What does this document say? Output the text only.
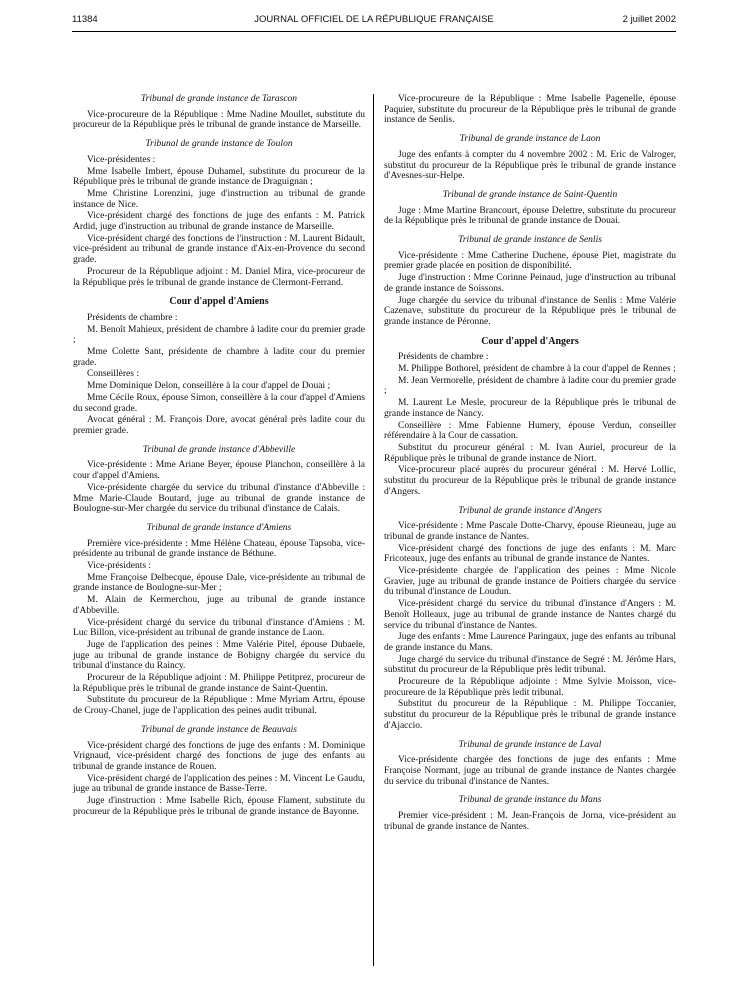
11384	JOURNAL OFFICIEL DE LA RÉPUBLIQUE FRANÇAISE	2 juillet 2002
Tribunal de grande instance de Tarascon

Vice-procureure de la République : Mme Nadine Moullet, substitute du procureur de la République près le tribunal de grande instance de Marseille.

Tribunal de grande instance de Toulon

Vice-présidentes :

Mme Isabelle Imbert, épouse Duhamel, substitute du procureur de la République près le tribunal de grande instance de Draguignan ;

Mme Christine Lorenzini, juge d'instruction au tribunal de grande instance de Nice.

Vice-président chargé des fonctions de juge des enfants : M. Patrick Ardid, juge d'instruction au tribunal de grande instance de Marseille.

Vice-président chargé des fonctions de l'instruction : M. Laurent Bidault, vice-président au tribunal de grande instance d'Aix-en-Provence du second grade.

Procureur de la République adjoint : M. Daniel Mira, vice-procureur de la République près le tribunal de grande instance de Clermont-Ferrand.

Cour d'appel d'Amiens

Présidents de chambre :

M. Benoît Mahieux, président de chambre à ladite cour du premier grade ;

Mme Colette Sant, présidente de chambre à ladite cour du premier grade.

Conseillères :

Mme Dominique Delon, conseillère à la cour d'appel de Douai ;

Mme Cécile Roux, épouse Simon, conseillère à la cour d'appel d'Amiens du second grade.

Avocat général : M. François Dore, avocat général près ladite cour du premier grade.

Tribunal de grande instance d'Abbeville

Vice-présidente : Mme Ariane Beyer, épouse Planchon, conseillère à la cour d'appel d'Amiens.

Vice-présidente chargée du service du tribunal d'instance d'Abbeville : Mme Marie-Claude Boutard, juge au tribunal de grande instance de Boulogne-sur-Mer chargée du service du tribunal d'instance de Calais.

Tribunal de grande instance d'Amiens

Première vice-présidente : Mme Hélène Chateau, épouse Tapsoba, vice-présidente au tribunal de grande instance de Béthune.

Vice-présidents :

Mme Françoise Delbecque, épouse Dale, vice-présidente au tribunal de grande instance de Boulogne-sur-Mer ;

M. Alain de Kermerchou, juge au tribunal de grande instance d'Abbeville.

Vice-président chargé du service du tribunal d'instance d'Amiens : M. Luc Billon, vice-président au tribunal de grande instance de Laon.

Juge de l'application des peines : Mme Valérie Pitel, épouse Dubaele, juge au tribunal de grande instance de Bobigny chargée du service du tribunal d'instance du Raincy.

Procureur de la République adjoint : M. Philippe Petitprez, procureur de la République près le tribunal de grande instance de Saint-Quentin.

Substitute du procureur de la République : Mme Myriam Artru, épouse de Crouy-Chanel, juge de l'application des peines audit tribunal.

Tribunal de grande instance de Beauvais

Vice-président chargé des fonctions de juge des enfants : M. Dominique Vrignaud, vice-président chargé des fonctions de juge des enfants au tribunal de grande instance de Rouen.

Vice-président chargé de l'application des peines : M. Vincent Le Gaudu, juge au tribunal de grande instance de Basse-Terre.

Juge d'instruction : Mme Isabelle Rich, épouse Flament, substitute du procureur de la République près le tribunal de grande instance de Bayonne.

Vice-procureure de la République : Mme Isabelle Pagenelle, épouse Paquier, substitute du procureur de la République près le tribunal de grande instance de Senlis.

Tribunal de grande instance de Laon

Juge des enfants à compter du 4 novembre 2002 : M. Eric de Valroger, substitut du procureur de la République près le tribunal de grande instance d'Avesnes-sur-Helpe.

Tribunal de grande instance de Saint-Quentin

Juge : Mme Martine Brancourt, épouse Delettre, substitute du procureur de la République près le tribunal de grande instance de Douai.

Tribunal de grande instance de Senlis

Vice-présidente : Mme Catherine Duchene, épouse Piet, magistrate du premier grade placée en position de disponibilité.

Juge d'instruction : Mme Corinne Peinaud, juge d'instruction au tribunal de grande instance de Soissons.

Juge chargée du service du tribunal d'instance de Senlis : Mme Valérie Cazenave, substitute du procureur de la République près le tribunal de grande instance de Péronne.

Cour d'appel d'Angers

Présidents de chambre :

M. Philippe Bothorel, président de chambre à la cour d'appel de Rennes ;

M. Jean Vermorelle, président de chambre à ladite cour du premier grade ;

M. Laurent Le Mesle, procureur de la République près le tribunal de grande instance de Nancy.

Conseillère : Mme Fabienne Humery, épouse Verdun, conseiller référendaire à la Cour de cassation.

Substitut du procureur général : M. Ivan Auriel, procureur de la République près le tribunal de grande instance de Niort.

Vice-procureur placé auprès du procureur général : M. Hervé Lollic, substitut du procureur de la République près le tribunal de grande instance d'Angers.

Tribunal de grande instance d'Angers

Vice-présidente : Mme Pascale Dotte-Charvy, épouse Rieuneau, juge au tribunal de grande instance de Nantes.

Vice-président chargé des fonctions de juge des enfants : M. Marc Fricoteaux, juge des enfants au tribunal de grande instance de Nantes.

Vice-présidente chargée de l'application des peines : Mme Nicole Gravier, juge au tribunal de grande instance de Poitiers chargée du service du tribunal d'instance de Loudun.

Vice-président chargé du service du tribunal d'instance d'Angers : M. Benoît Holleaux, juge au tribunal de grande instance de Nantes chargé du service du tribunal d'instance de Nantes.

Juge des enfants : Mme Laurence Paringaux, juge des enfants au tribunal de grande instance du Mans.

Juge chargé du service du tribunal d'instance de Segré : M. Jérôme Hars, substitut du procureur de la République près ledit tribunal.

Procureure de la République adjointe : Mme Sylvie Moisson, vice-procureure de la République près ledit tribunal.

Substitut du procureur de la République : M. Philippe Toccanier, substitut du procureur de la République près le tribunal de grande instance d'Ajaccio.

Tribunal de grande instance de Laval

Vice-présidente chargée des fonctions de juge des enfants : Mme Françoise Normant, juge au tribunal de grande instance de Nantes chargée du service du tribunal d'instance de Nantes.

Tribunal de grande instance du Mans

Premier vice-président : M. Jean-François de Jorna, vice-président au tribunal de grande instance de Nantes.
